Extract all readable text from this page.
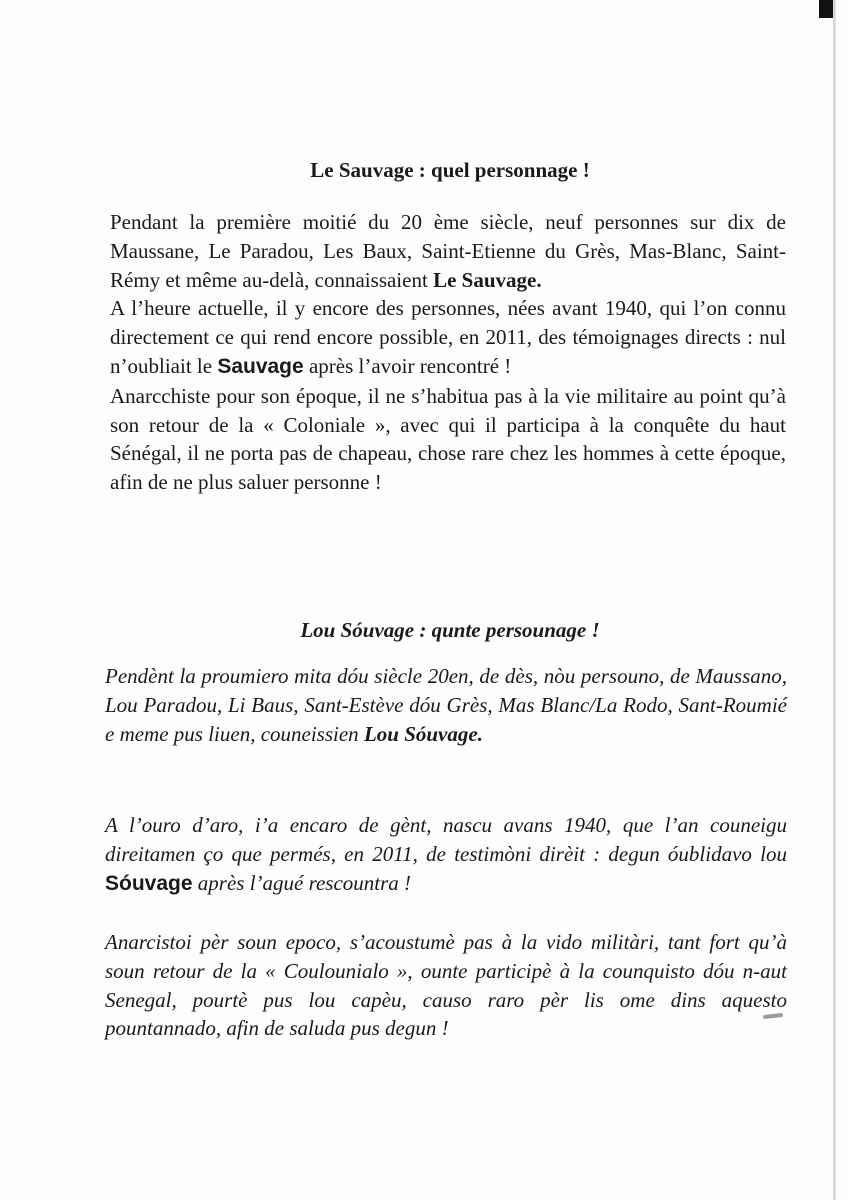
Le Sauvage : quel personnage !

Pendant la première moitié du 20 ème siècle, neuf personnes sur dix de Maussane, Le Paradou, Les Baux, Saint-Etienne du Grès, Mas-Blanc, Saint-Rémy et même au-delà, connaissaient Le Sauvage.

A l’heure actuelle, il y encore des personnes, nées avant 1940, qui l’on connu directement ce qui rend encore possible, en 2011, des témoignages directs : nul n’oubliait le Sauvage après l’avoir rencontré !

Anarcchiste pour son époque, il ne s’habitua pas à la vie militaire au point qu’à son retour de la « Coloniale », avec qui il participa à la conquête du haut Sénégal, il ne porta pas de chapeau, chose rare chez les hommes à cette époque, afin de ne plus saluer personne !

Lou Sóuvage : qunte persounage !

Pendènt la proumiero mita dóu siècle 20en, de dès, nòu persouno, de Maussano, Lou Paradou, Li Baus, Sant-Estève dóu Grès, Mas Blanc/La Rodo, Sant-Roumié e meme pus liuen, couneissien Lou Sóuvage.

A l’ouro d’aro, i’a encaro de gènt, nascu avans 1940, que l’an couneigu direitamen ço que permés, en 2011, de testimòni dirèit : degun óublidavo lou Sóuvage après l’agué rescountra !

Anarcistoi pèr soun epoco, s’acoustumè pas à la vido militàri, tant fort qu’à soun retour de la « Coulounialo », ounte participè à la counquisto dóu n-aut Senegal, pourtè pus lou capèu, causo raro pèr lis ome dins aquesto pountannado, afin de saluda pus degun !
